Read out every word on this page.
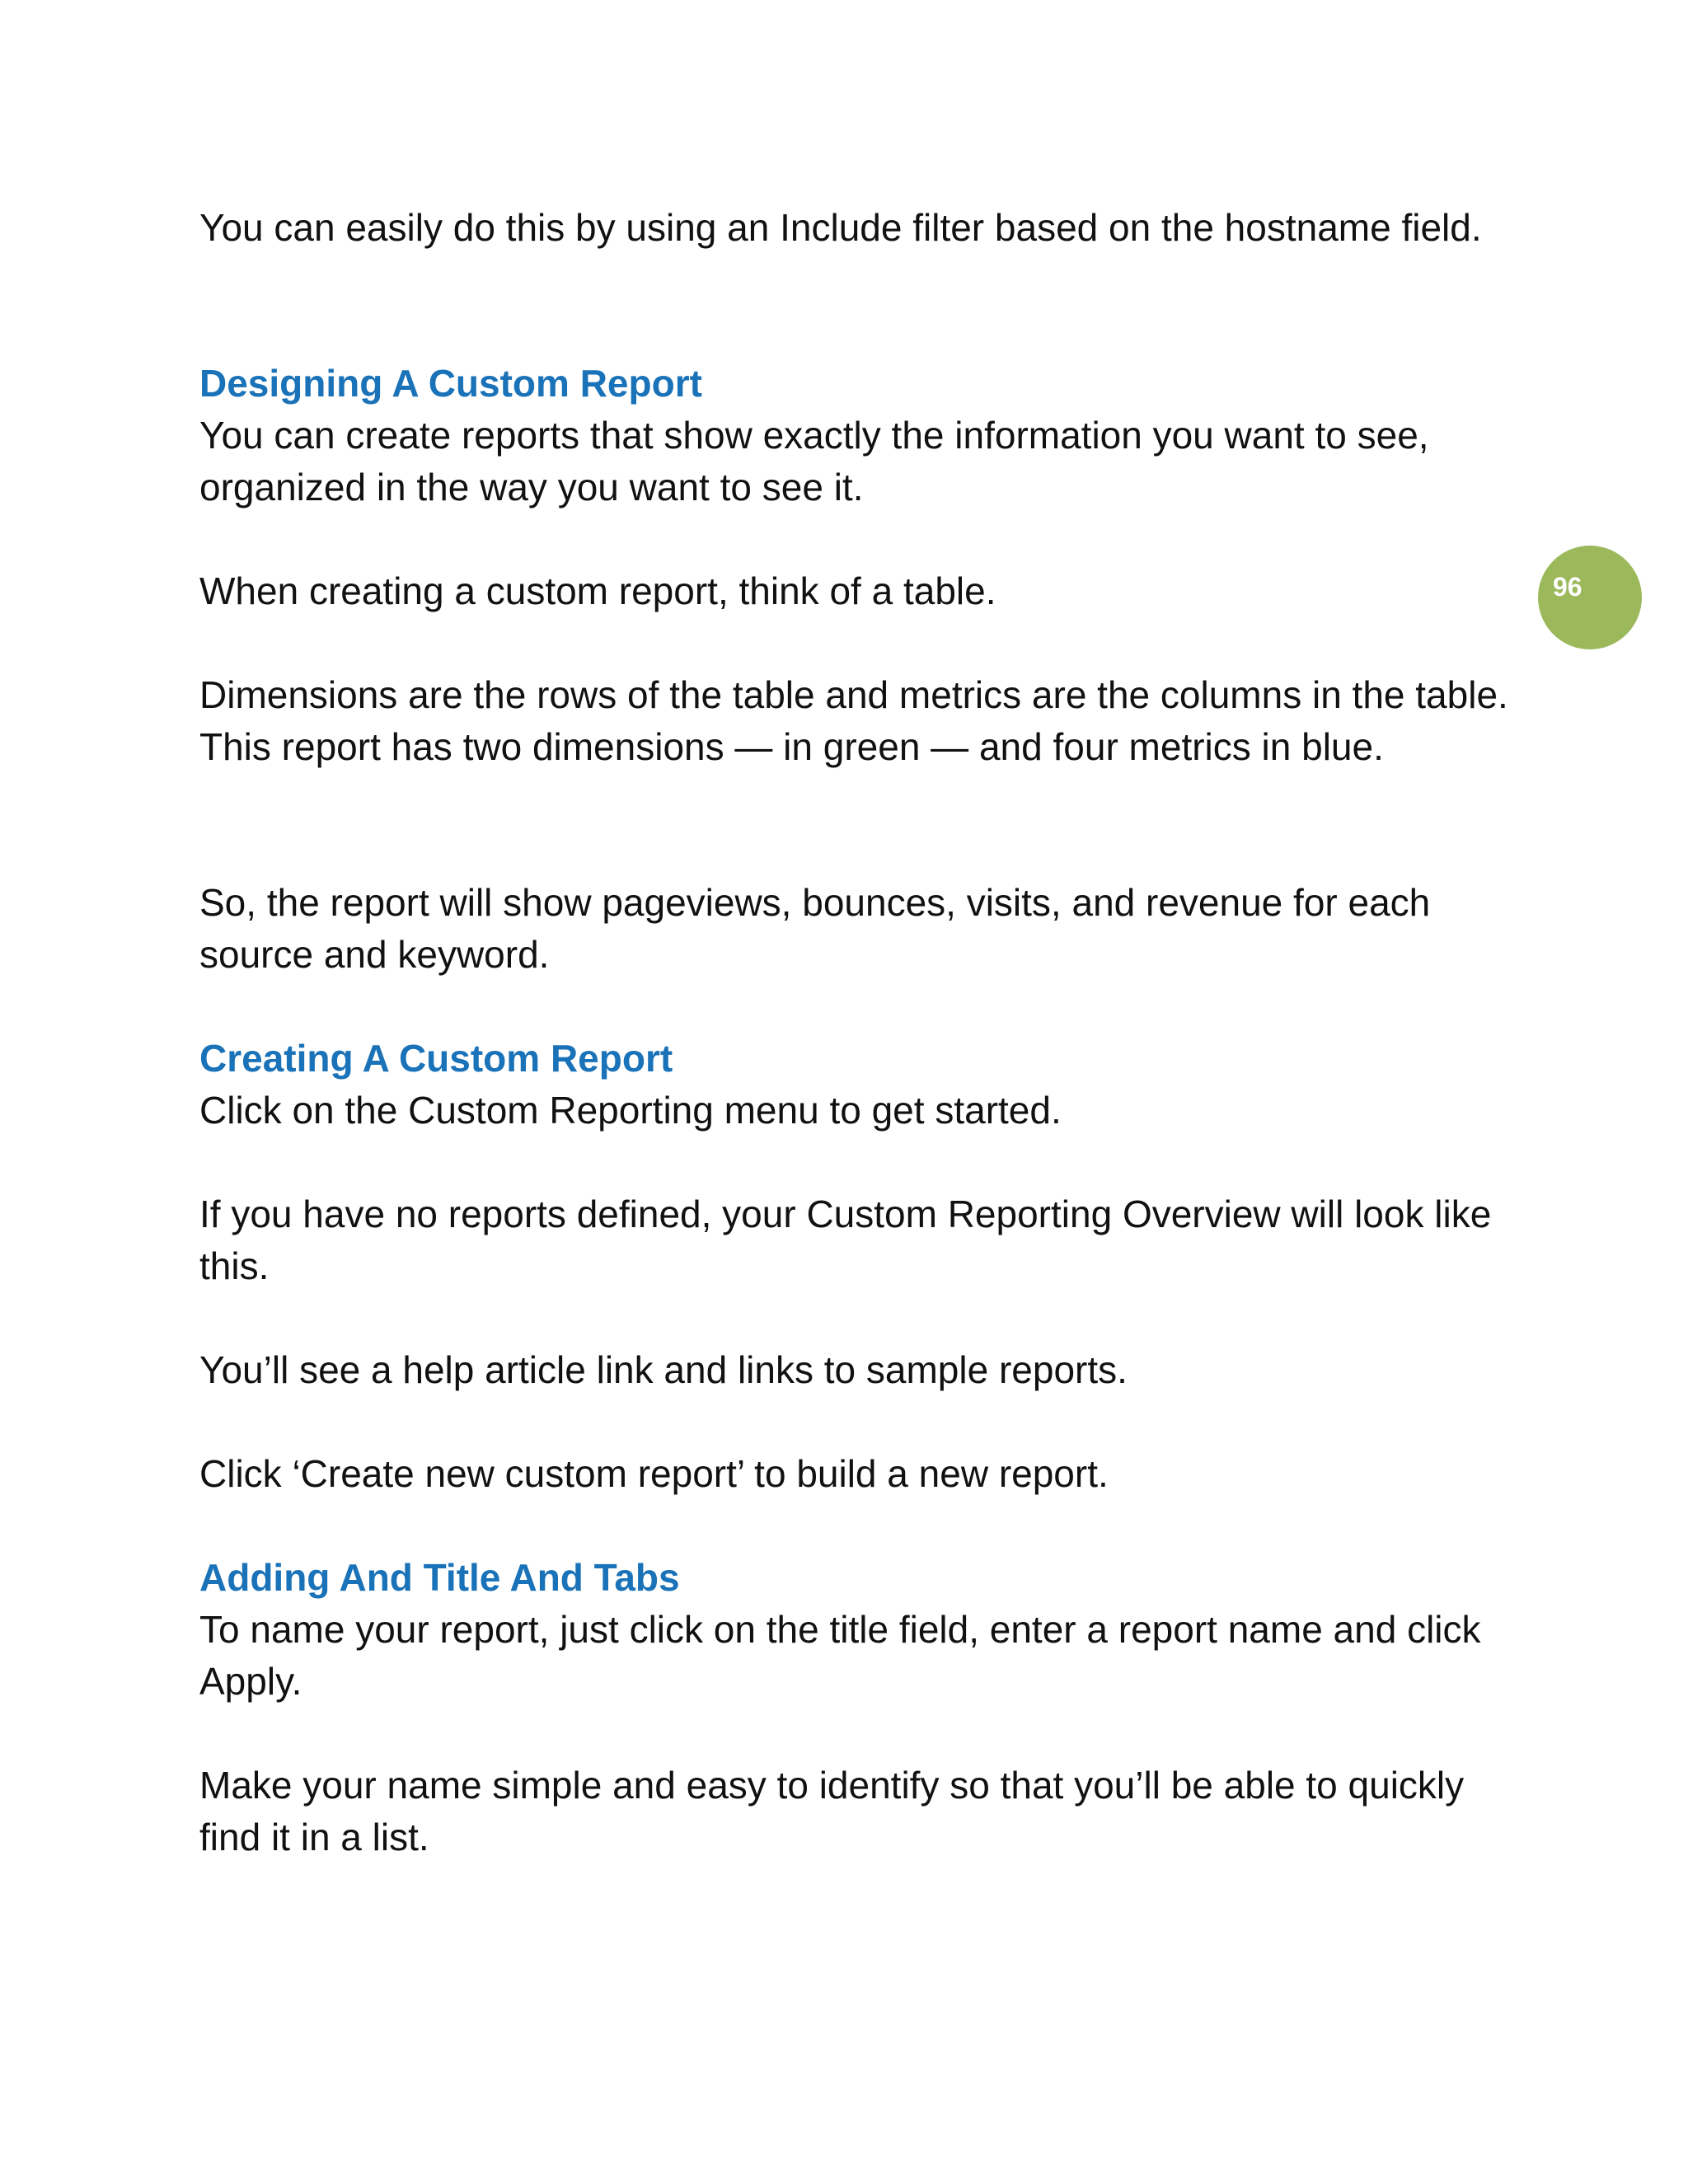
You can easily do this by using an Include filter based on the hostname field.

Designing A Custom Report

You can create reports that show exactly the information you want to see, organized in the way you want to see it.

When creating a custom report, think of a table.

Dimensions are the rows of the table and metrics are the columns in the table. This report has two dimensions — in green — and four metrics in blue.

So, the report will show pageviews, bounces, visits, and revenue for each source and keyword.

Creating A Custom Report

Click on the Custom Reporting menu to get started.

If you have no reports defined, your Custom Reporting Overview will look like this.

You’ll see a help article link and links to sample reports.

Click ‘Create new custom report’ to build a new report.

Adding And Title And Tabs

To name your report, just click on the title field, enter a report name and click Apply.

Make your name simple and easy to identify so that you’ll be able to quickly find it in a list.

96
